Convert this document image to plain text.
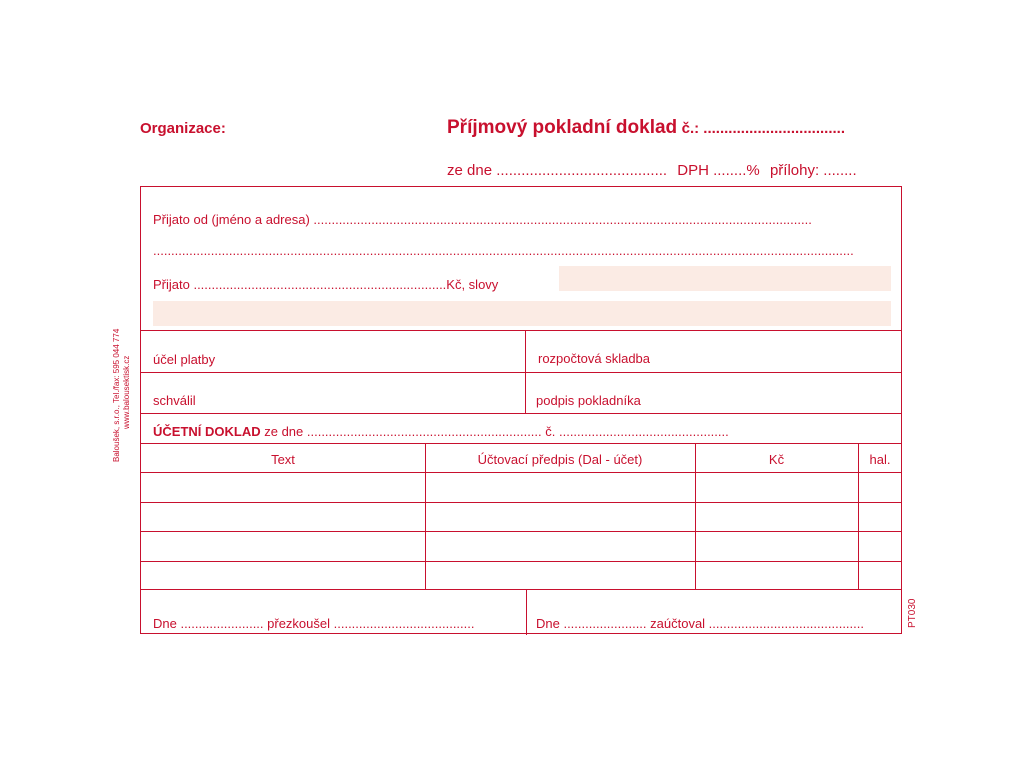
Organizace:	Příjmový pokladní doklad č.: ..................................
ze dne ......................................... DPH ........% přílohy: ........
Přijato od (jméno a adresa) ..........................................................................................................................................
..................................................................................................................................................................................................
Přijato ......................................................................Kč, slovy
účel platby	rozpočtová skladba
schválil	podpis pokladníka
ÚČETNÍ DOKLAD ze dne ................................................................. č. ...............................................
Text	Účtovací předpis (Dal - účet)	Kč	hal.
Dne ....................... přezkoušel .......................................	Dne ....................... zaúčtoval ...........................................
Baloušek, s.r.o., Tel./fax: 595 044 774 www.balousektisk.cz
PT030
